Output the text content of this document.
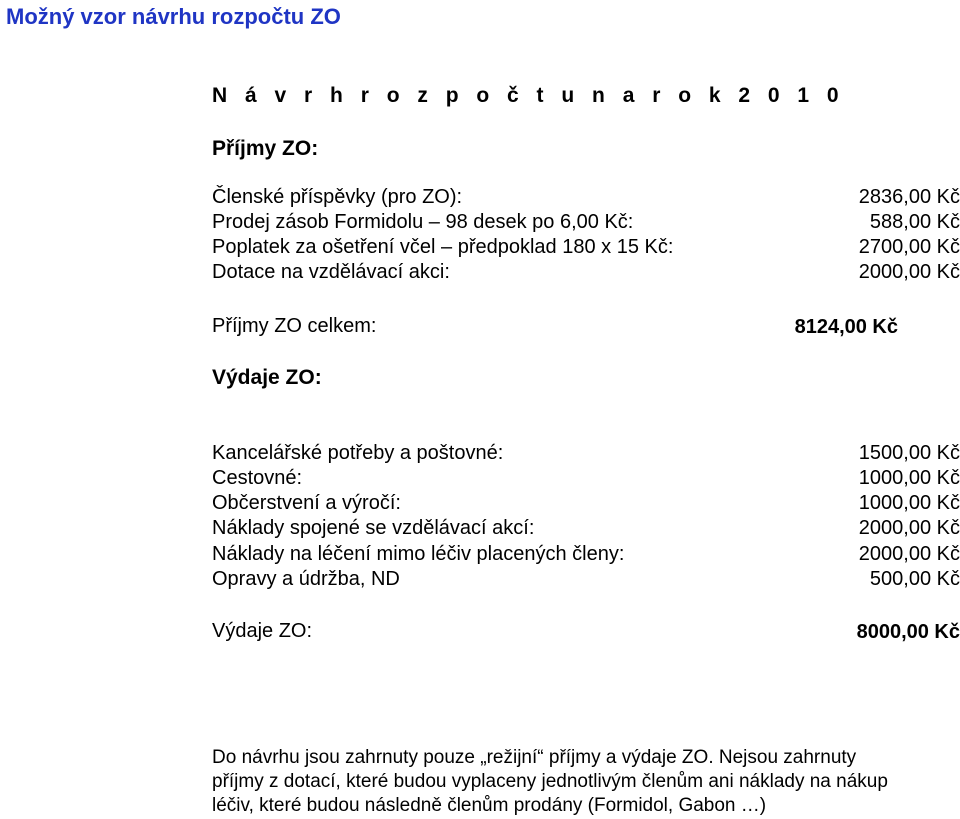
Možný vzor návrhu rozpočtu ZO
N á v r h r o z p o č t u n a r o k 2 0 1 0
Příjmy ZO:
Členské příspěvky (pro ZO):	2836,00 Kč
Prodej zásob Formidolu – 98 desek po 6,00 Kč:	588,00 Kč
Poplatek za ošetření včel – předpoklad 180 x 15 Kč:	2700,00 Kč
Dotace na vzdělávací akci:	2000,00 Kč
Příjmy ZO celkem:	8124,00 Kč
Výdaje ZO:
Kancelářské potřeby a poštovné:	1500,00 Kč
Cestovné:	1000,00 Kč
Občerstvení a výročí:	1000,00 Kč
Náklady spojené se vzdělávací akcí:	2000,00 Kč
Náklady na léčení mimo léčiv placených členy:	2000,00 Kč
Opravy a údržba, ND	500,00 Kč
Výdaje ZO:	8000,00 Kč
Do návrhu jsou zahrnuty pouze „režijní“ příjmy a výdaje ZO. Nejsou zahrnuty
příjmy z dotací, které budou vyplaceny jednotlivým členům ani náklady na nákup
léčiv, které budou následně členům prodány (Formidol, Gabon …)
